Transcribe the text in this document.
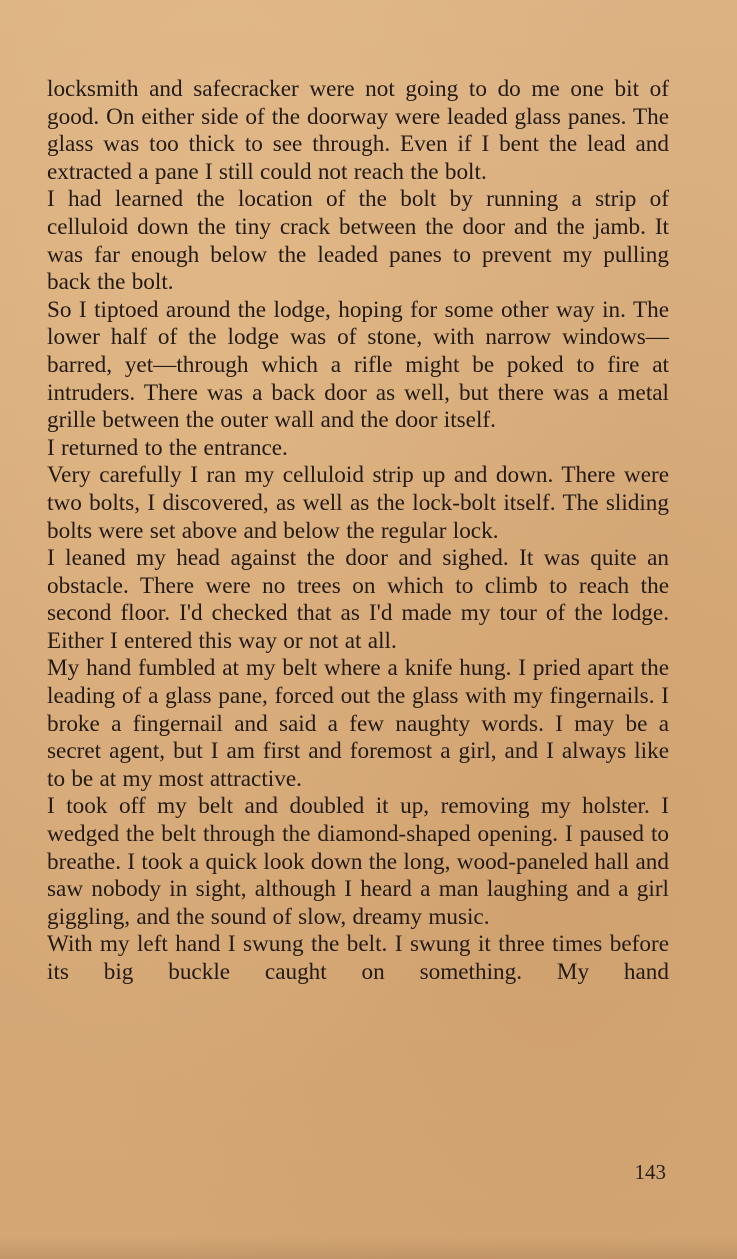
locksmith and safecracker were not going to do me one bit of good. On either side of the doorway were leaded glass panes. The glass was too thick to see through. Even if I bent the lead and extracted a pane I still could not reach the bolt.

I had learned the location of the bolt by running a strip of celluloid down the tiny crack between the door and the jamb. It was far enough below the leaded panes to prevent my pulling back the bolt.

So I tiptoed around the lodge, hoping for some other way in. The lower half of the lodge was of stone, with narrow windows—barred, yet—through which a rifle might be poked to fire at intruders. There was a back door as well, but there was a metal grille between the outer wall and the door itself.

I returned to the entrance.

Very carefully I ran my celluloid strip up and down. There were two bolts, I discovered, as well as the lock-bolt itself. The sliding bolts were set above and below the regular lock.

I leaned my head against the door and sighed. It was quite an obstacle. There were no trees on which to climb to reach the second floor. I'd checked that as I'd made my tour of the lodge. Either I entered this way or not at all.

My hand fumbled at my belt where a knife hung. I pried apart the leading of a glass pane, forced out the glass with my fingernails. I broke a fingernail and said a few naughty words. I may be a secret agent, but I am first and foremost a girl, and I always like to be at my most attractive.

I took off my belt and doubled it up, removing my holster. I wedged the belt through the diamond-shaped opening. I paused to breathe. I took a quick look down the long, wood-paneled hall and saw nobody in sight, although I heard a man laughing and a girl giggling, and the sound of slow, dreamy music.

With my left hand I swung the belt. I swung it three times before its big buckle caught on something. My hand

143
